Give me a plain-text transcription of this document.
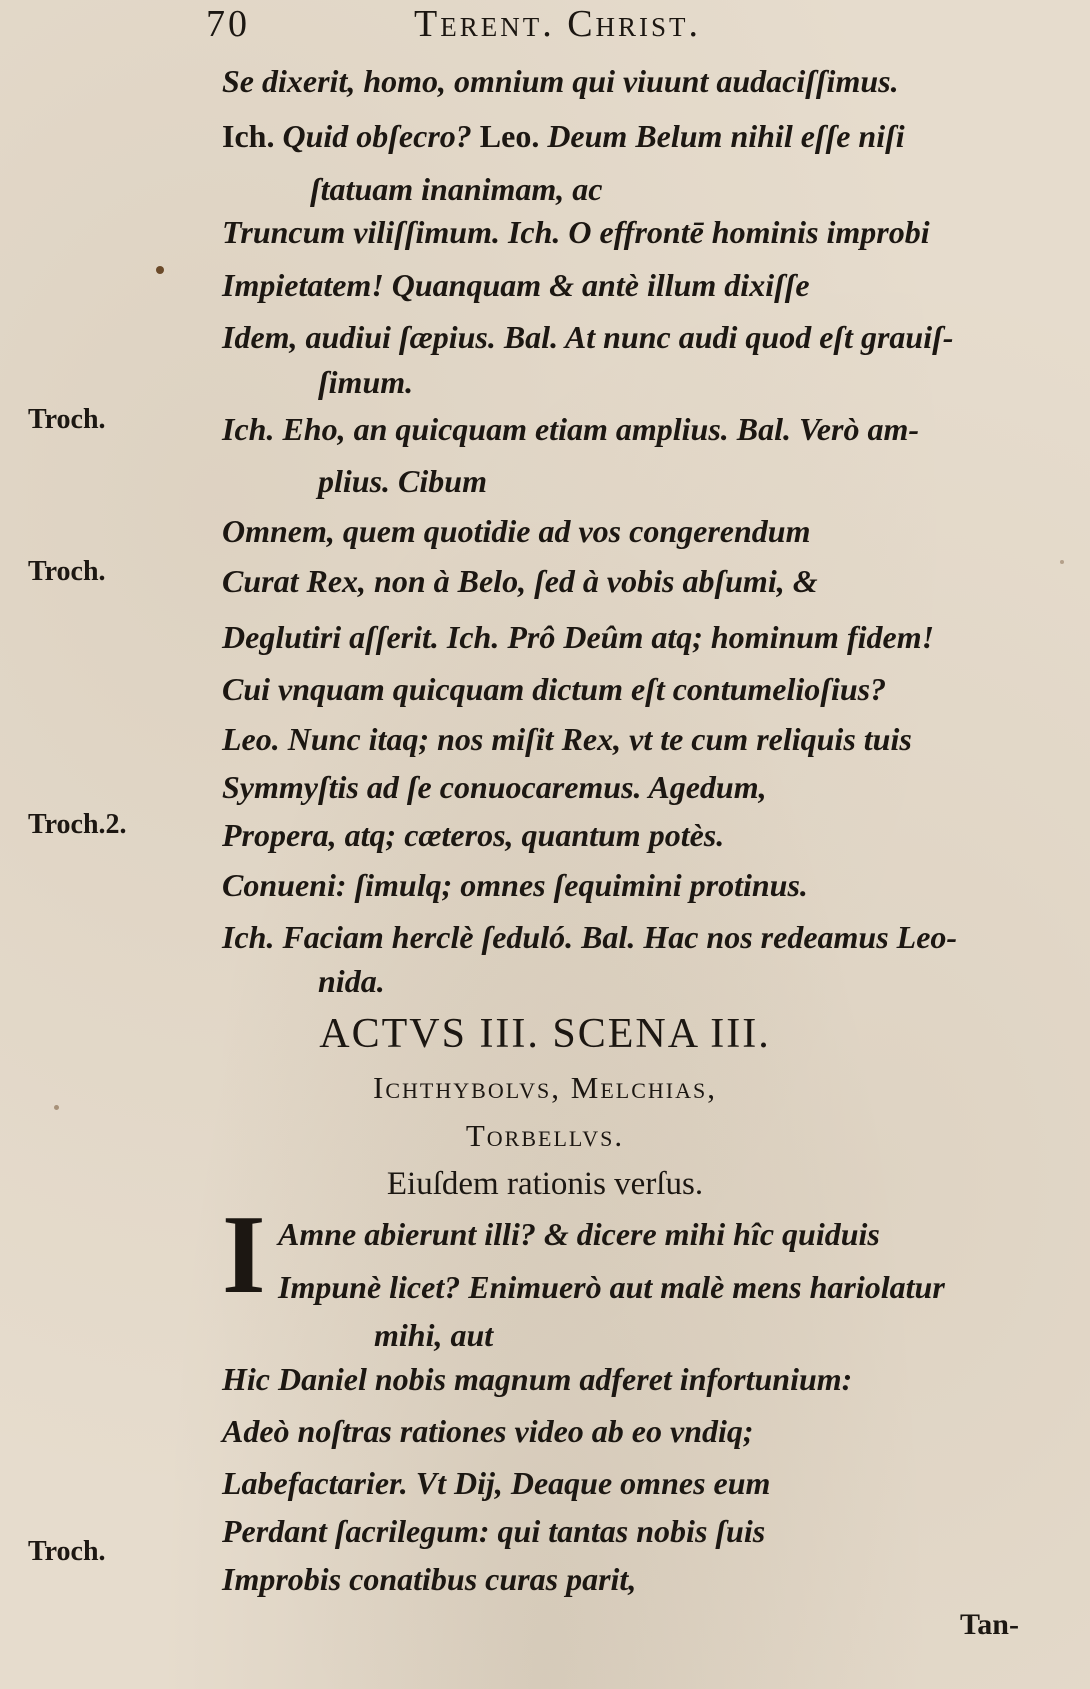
70	Terent. Christ.
Troch.
Troch.
Troch.2.
Troch.
Se dixerit, homo, omnium qui viuunt audaciſſimus.
Ich. Quid obſecro? Leo. Deum Belum nihil eſſe niſi
ſtatuam inanimam, ac
Truncum viliſſimum. Ich. O effrontē hominis improbi
Impietatem! Quanquam & antè illum dixiſſe
Idem, audiui ſæpius. Bal. At nunc audi quod eſt grauiſ-
ſimum.
Ich. Eho, an quicquam etiam amplius. Bal. Verò am-
plius. Cibum
Omnem, quem quotidie ad vos congerendum
Curat Rex, non à Belo, ſed à vobis abſumi, &
Deglutiri aſſerit. Ich. Prô Deûm atq; hominum fidem!
Cui vnquam quicquam dictum eſt contumelioſius?
Leo. Nunc itaq; nos miſit Rex, vt te cum reliquis tuis
Symmyſtis ad ſe conuocaremus. Agedum,
Propera, atq; cæteros, quantum potès.
Conueni: ſimulq; omnes ſequimini protinus.
Ich. Faciam herclè ſeduló. Bal. Hac nos redeamus Leo-
nida.
ACTVS III. SCENA III.
Ichthybolvs, Melchias,
Torbellvs.
Eiuſdem rationis verſus.
I Amne abierunt illi? & dicere mihi hîc quiduis
Impunè licet? Enimuerò aut malè mens hariolatur
mihi, aut
Hic Daniel nobis magnum adferet infortunium:
Adeò noſtras rationes video ab eo vndiq;
Labefactarier. Vt Dij, Deaque omnes eum
Perdant ſacrilegum: qui tantas nobis ſuis
Improbis conatibus curas parit,
Tan-
